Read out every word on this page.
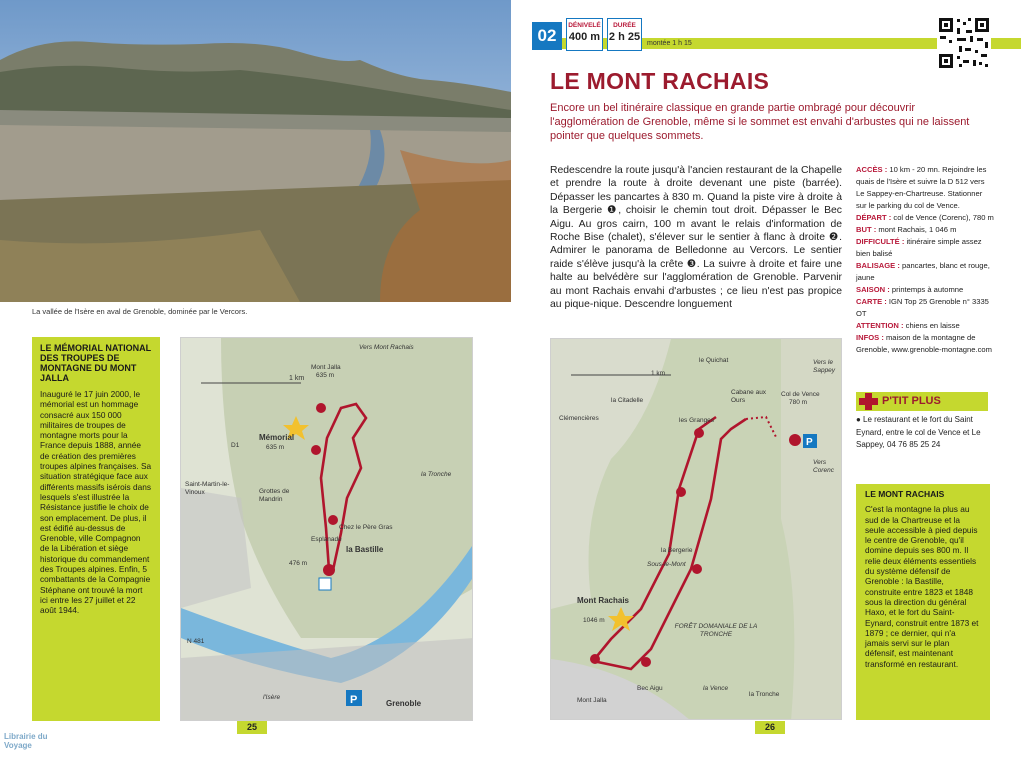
La vallée de l'Isère en aval de Grenoble, dominée par le Vercors.
LE MÉMORIAL NATIONAL DES TROUPES DE MONTAGNE DU MONT JALLA
Inauguré le 17 juin 2000, le mémorial est un hommage consacré aux 150 000 militaires de troupes de montagne morts pour la France depuis 1888, année de création des premières troupes alpines françaises. Sa situation stratégique face aux différents massifs isérois dans lesquels s'est illustrée la Résistance justifie le choix de son emplacement. De plus, il est édifié au-dessus de Grenoble, ville Compagnon de la Libération et siège historique du commandement des Troupes alpines. Enfin, 5 combattants de la Compagnie Stéphane ont trouvé la mort ici entre les 27 juillet et 22 août 1944.
1 km
P
Vers Mont Rachais
Mont Jalla
635 m
Mémorial
635 m
Saint-Martin-le-Vinoux	Grottes de Mandrin
Chez le Père Gras
Esplanade
la Bastille
476 m
la Tronche
l'Isère
Grenoble
N 481
D1
25
Librairie du Voyage
02
DÉNIVELÉ
400 m
DURÉE
2 h 25
montée 1 h 15
LE MONT RACHAIS
Encore un bel itinéraire classique en grande partie ombragé pour découvrir l'agglomération de Grenoble, même si le sommet est envahi d'arbustes qui ne laissent pointer que quelques sommets.
Redescendre la route jusqu'à l'ancien restaurant de la Chapelle et prendre la route à droite devenant une piste (barrée). Dépasser les pancartes à 830 m. Quand la piste vire à droite à la Bergerie ❶, choisir le chemin tout droit. Dépasser le Bec Aigu. Au gros cairn, 100 m avant le relais d'information de Roche Bise (chalet), s'élever sur le sentier à flanc à droite ❷. Admirer le panorama de Belledonne au Vercors. Le sentier raide s'élève jusqu'à la crête ❸. La suivre à droite et faire une halte au belvédère sur l'agglomération de Grenoble. Parvenir au mont Rachais envahi d'arbustes ; ce lieu n'est pas propice au pique-nique. Descendre longuement
ACCÈS : 10 km - 20 mn. Rejoindre les quais de l'Isère et suivre la D 512 vers Le Sappey-en-Chartreuse. Stationner sur le parking du col de Vence.
DÉPART : col de Vence (Corenc), 780 m
BUT : mont Rachais, 1 046 m
DIFFICULTÉ : itinéraire simple assez bien balisé
BALISAGE : pancartes, blanc et rouge, jaune
SAISON : printemps à automne
CARTE : IGN Top 25 Grenoble n° 3335 OT
ATTENTION : chiens en laisse
INFOS : maison de la montagne de Grenoble, www.grenoble-montagne.com
P'TIT PLUS
● Le restaurant et le fort du Saint Eynard, entre le col de Vence et Le Sappey, 04 76 85 25 24
LE MONT RACHAIS
C'est la montagne la plus au sud de la Chartreuse et la seule accessible à pied depuis le centre de Grenoble, qu'il domine depuis ses 800 m. Il relie deux éléments essentiels du système défensif de Grenoble : la Bastille, construite entre 1823 et 1848 sous la direction du général Haxo, et le fort du Saint-Eynard, construit entre 1873 et 1879 ; ce dernier, qui n'a jamais servi sur le plan défensif, est maintenant transformé en restaurant.
P
1 km
la Citadelle
le Quichat	Vers le Sappey
Cabane aux Ours
Col de Vence
780 m
les Granges
Clémencières
Vers Corenc
la Bergerie
Sous-le-Mont
Mont Rachais
1046 m
FORÊT DOMANIALE DE LA TRONCHE
Mont Jalla
Bec Aigu	la Vence
la Tronche
26
